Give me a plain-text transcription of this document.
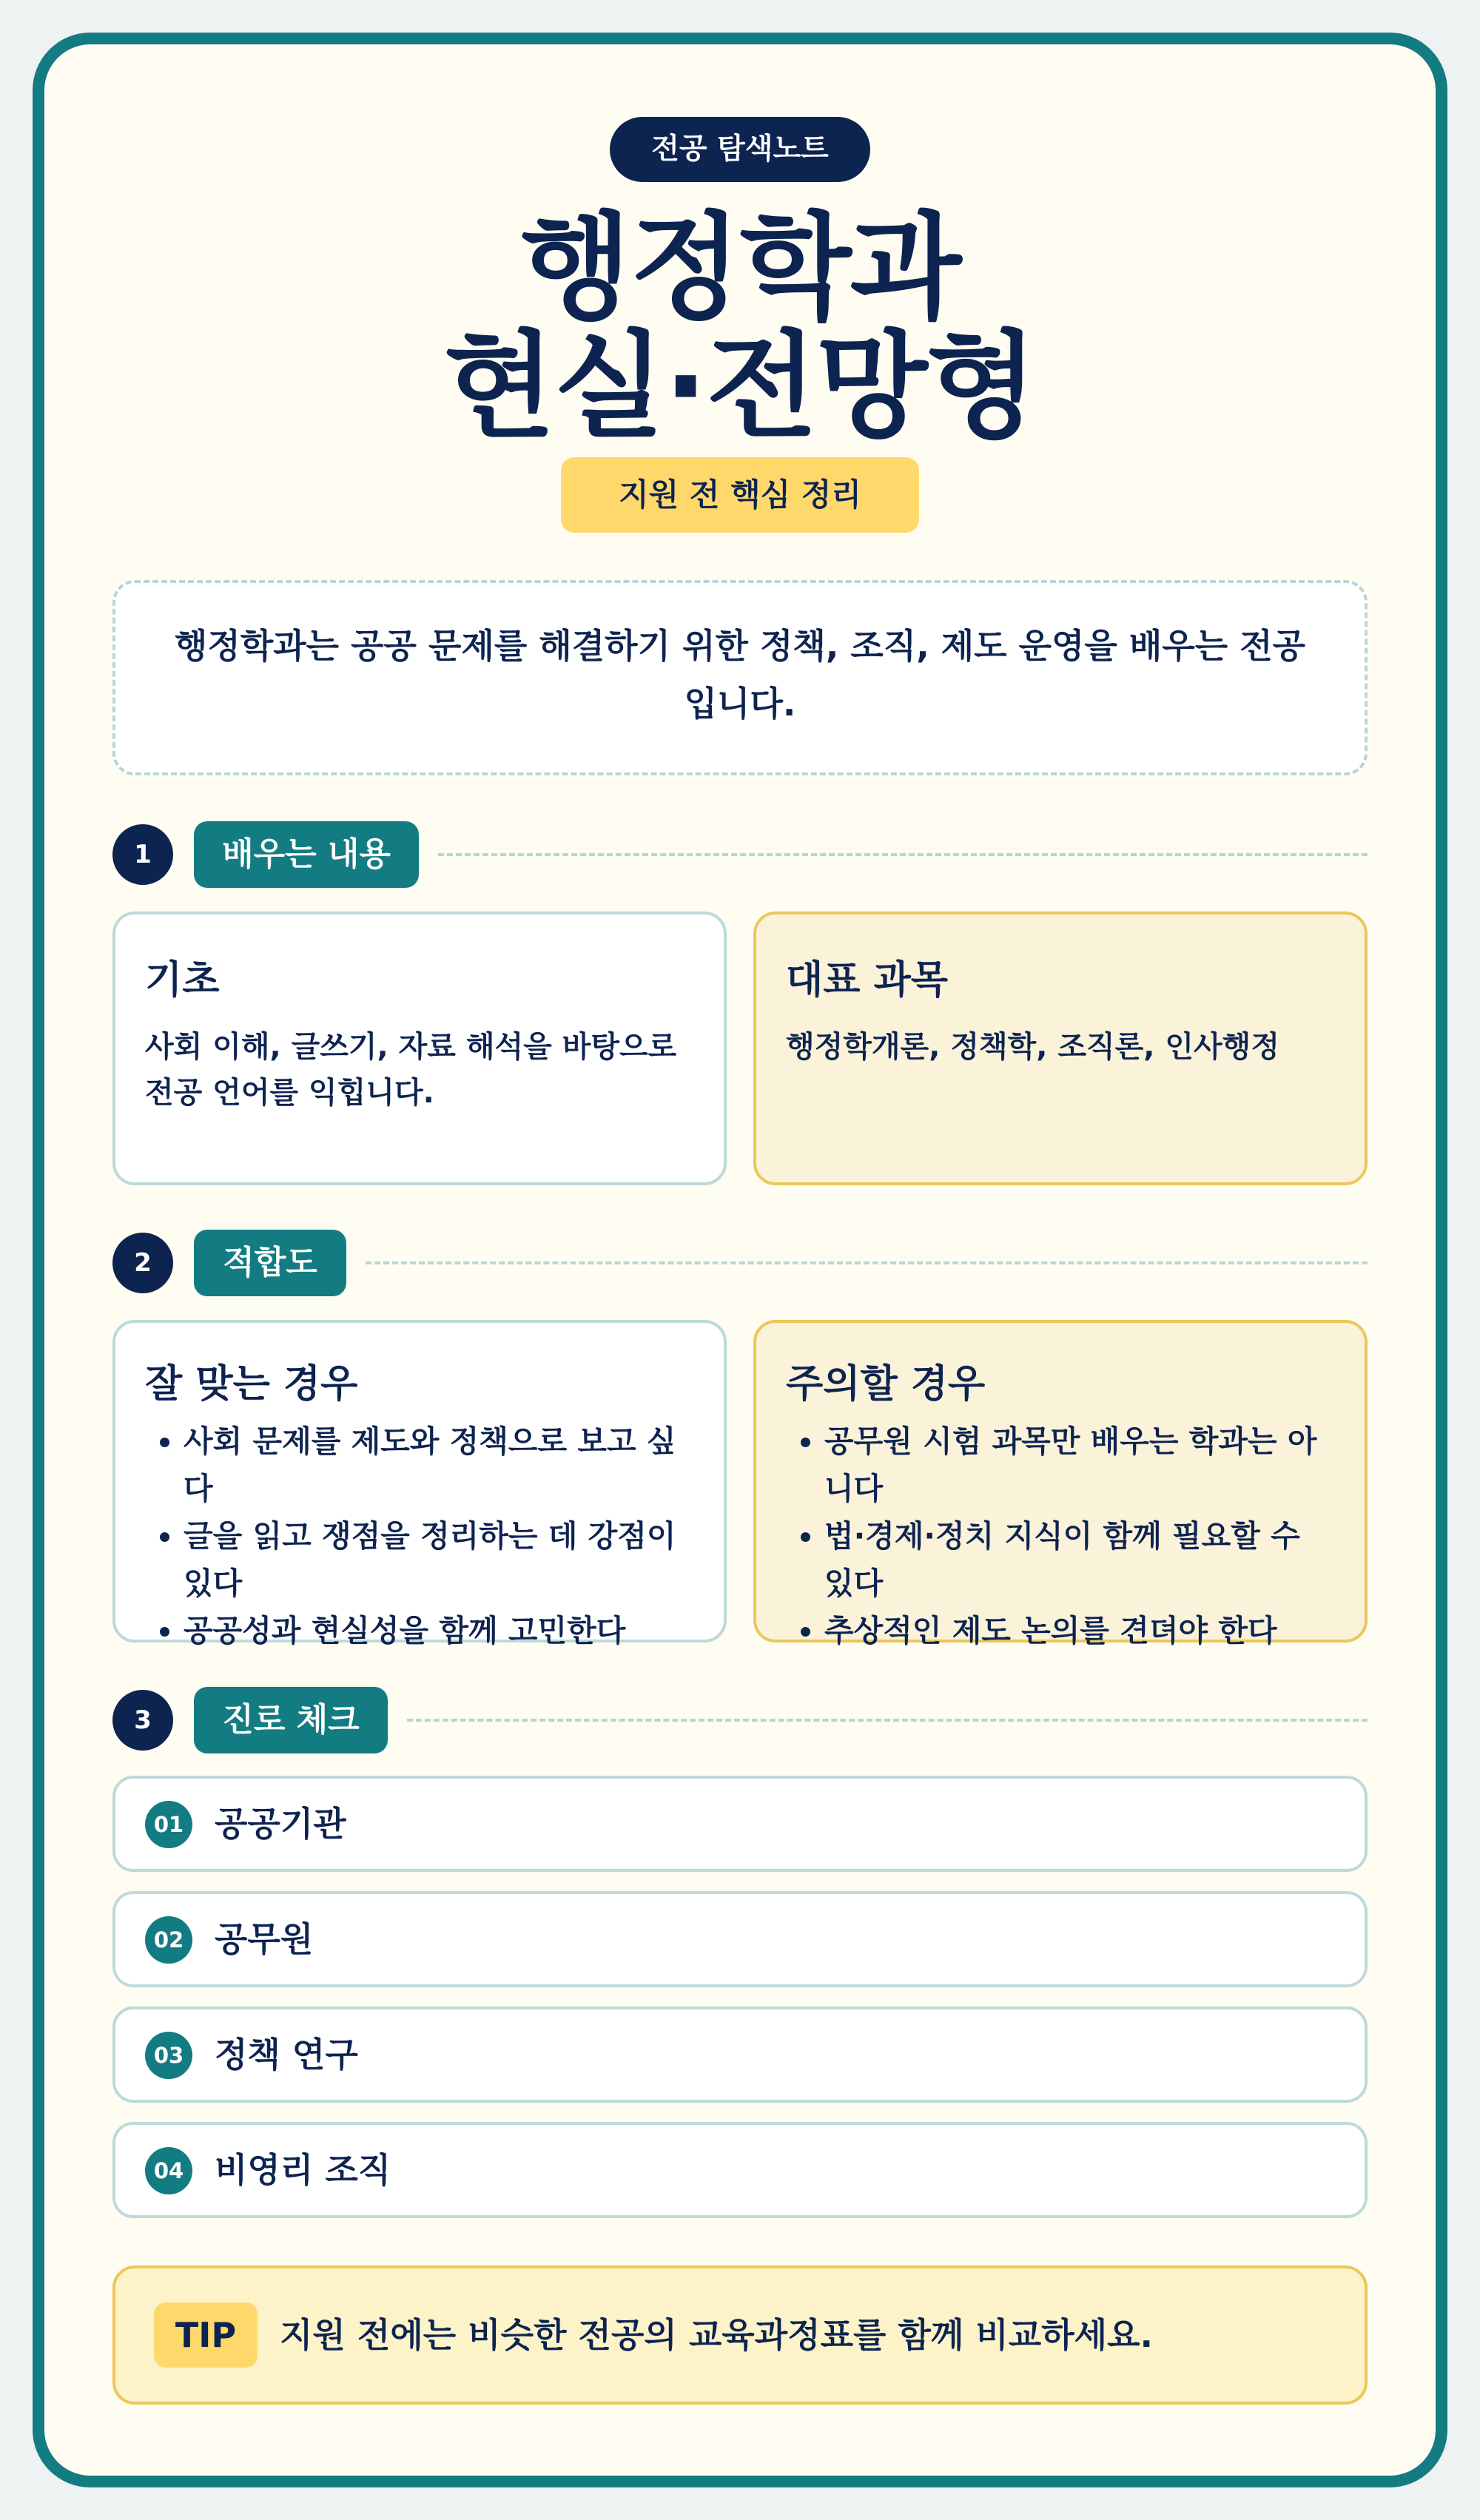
전공 탐색노트
행정학과
현실·전망형
지원 전 핵심 정리
행정학과는 공공 문제를 해결하기 위한 정책, 조직, 제도 운영을 배우는 전공입니다.
1	배우는 내용
기초
사회 이해, 글쓰기, 자료 해석을 바탕으로 전공 언어를 익힙니다.
대표 과목
행정학개론, 정책학, 조직론, 인사행정
2	적합도
잘 맞는 경우
• 사회 문제를 제도와 정책으로 보고 싶다
• 글을 읽고 쟁점을 정리하는 데 강점이 있다
• 공공성과 현실성을 함께 고민한다
주의할 경우
• 공무원 시험 과목만 배우는 학과는 아니다
• 법·경제·정치 지식이 함께 필요할 수 있다
• 추상적인 제도 논의를 견뎌야 한다
3	진로 체크
01 공공기관
02 공무원
03 정책 연구
04 비영리 조직
TIP	지원 전에는 비슷한 전공의 교육과정표를 함께 비교하세요.
